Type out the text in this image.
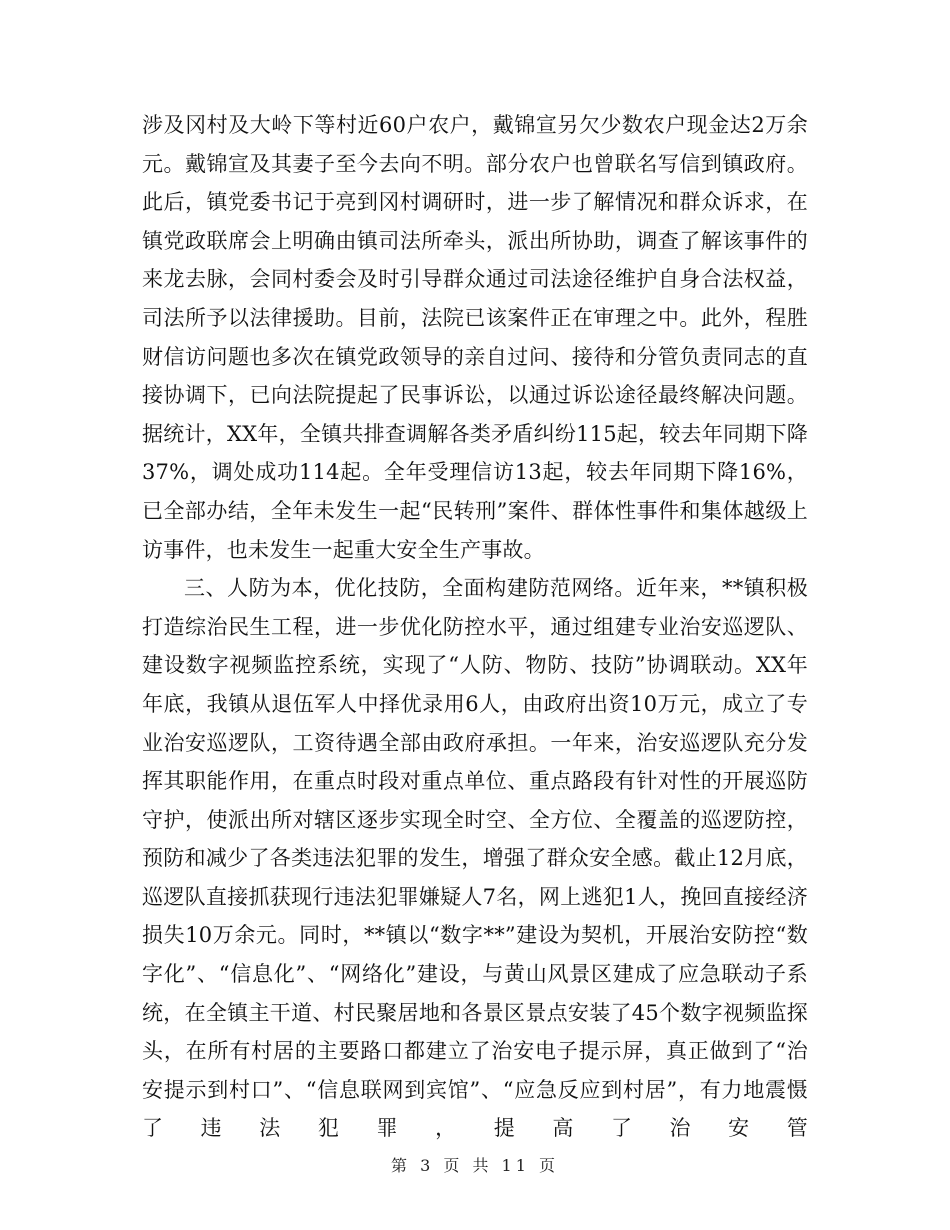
涉及冈村及大岭下等村近60户农户，戴锦宣另欠少数农户现金达2万余元。戴锦宣及其妻子至今去向不明。部分农户也曾联名写信到镇政府。此后，镇党委书记于亮到冈村调研时，进一步了解情况和群众诉求，在镇党政联席会上明确由镇司法所牵头，派出所协助，调查了解该事件的来龙去脉，会同村委会及时引导群众通过司法途径维护自身合法权益，司法所予以法律援助。目前，法院已该案件正在审理之中。此外，程胜财信访问题也多次在镇党政领导的亲自过问、接待和分管负责同志的直接协调下，已向法院提起了民事诉讼，以通过诉讼途径最终解决问题。据统计，XX年，全镇共排查调解各类矛盾纠纷115起，较去年同期下降37%，调处成功114起。全年受理信访13起，较去年同期下降16%，已全部办结，全年未发生一起“民转刑”案件、群体性事件和集体越级上访事件，也未发生一起重大安全生产事故。

三、人防为本，优化技防，全面构建防范网络。近年来，**镇积极打造综治民生工程，进一步优化防控水平，通过组建专业治安巡逻队、建设数字视频监控系统，实现了“人防、物防、技防”协调联动。XX年年底，我镇从退伍军人中择优录用6人，由政府出资10万元，成立了专业治安巡逻队，工资待遇全部由政府承担。一年来，治安巡逻队充分发挥其职能作用，在重点时段对重点单位、重点路段有针对性的开展巡防守护，使派出所对辖区逐步实现全时空、全方位、全覆盖的巡逻防控，预防和减少了各类违法犯罪的发生，增强了群众安全感。截止12月底，巡逻队直接抓获现行违法犯罪嫌疑人7名，网上逃犯1人，挽回直接经济损失10万余元。同时，**镇以“数字**”建设为契机，开展治安防控“数字化”、“信息化”、“网络化”建设，与黄山风景区建成了应急联动子系统，在全镇主干道、村民聚居地和各景区景点安装了45个数字视频监探头，在所有村居的主要路口都建立了治安电子提示屏，真正做到了“治安提示到村口”、“信息联网到宾馆”、“应急反应到村居”，有力地震慑了违法犯罪，提高了治安管

第 3 页 共 11 页
